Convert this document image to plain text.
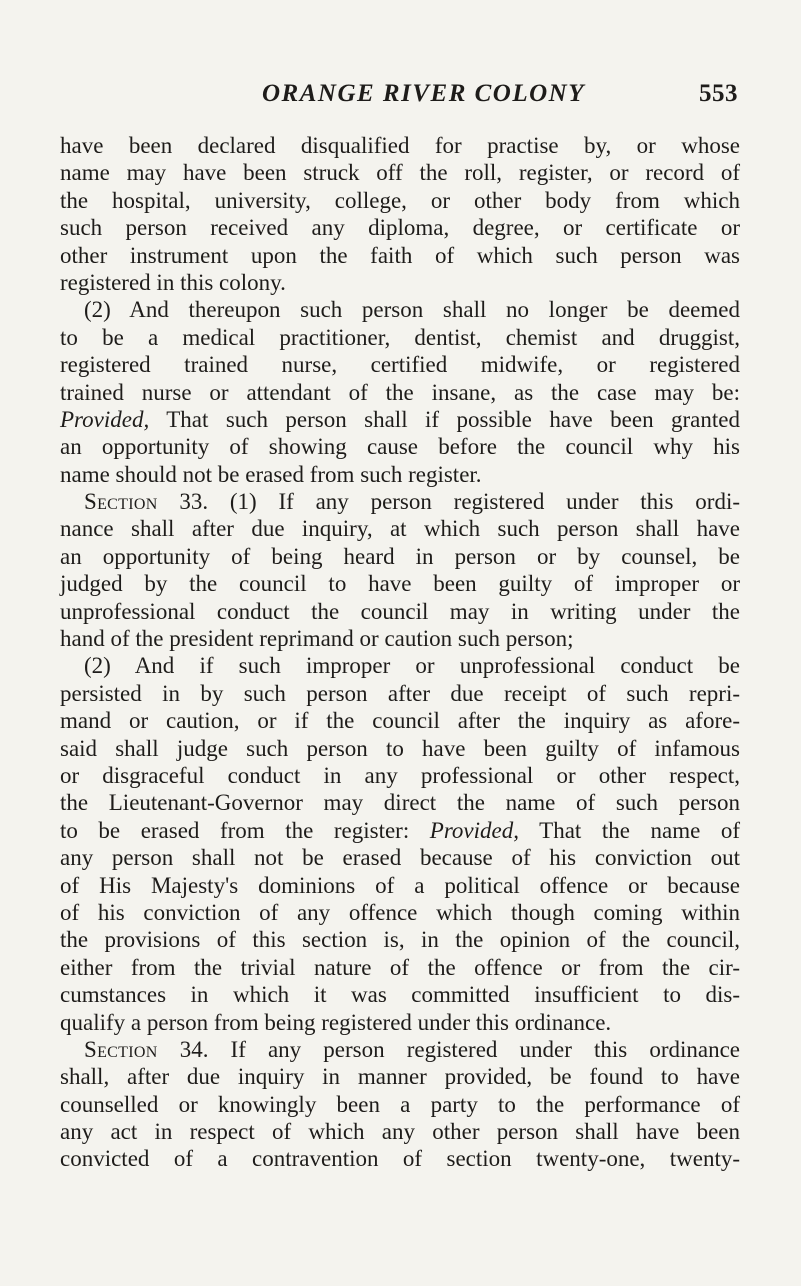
ORANGE RIVER COLONY	553
have been declared disqualified for practise by, or whose
name may have been struck off the roll, register, or record of
the hospital, university, college, or other body from which
such person received any diploma, degree, or certificate or
other instrument upon the faith of which such person was
registered in this colony.
(2) And thereupon such person shall no longer be deemed
to be a medical practitioner, dentist, chemist and druggist,
registered trained nurse, certified midwife, or registered
trained nurse or attendant of the insane, as the case may be:
Provided, That such person shall if possible have been granted
an opportunity of showing cause before the council why his
name should not be erased from such register.
Section 33. (1) If any person registered under this ordi-
nance shall after due inquiry, at which such person shall have
an opportunity of being heard in person or by counsel, be
judged by the council to have been guilty of improper or
unprofessional conduct the council may in writing under the
hand of the president reprimand or caution such person;
(2) And if such improper or unprofessional conduct be
persisted in by such person after due receipt of such repri-
mand or caution, or if the council after the inquiry as afore-
said shall judge such person to have been guilty of infamous
or disgraceful conduct in any professional or other respect,
the Lieutenant-Governor may direct the name of such person
to be erased from the register: Provided, That the name of
any person shall not be erased because of his conviction out
of His Majesty's dominions of a political offence or because
of his conviction of any offence which though coming within
the provisions of this section is, in the opinion of the council,
either from the trivial nature of the offence or from the cir-
cumstances in which it was committed insufficient to dis-
qualify a person from being registered under this ordinance.
Section 34. If any person registered under this ordinance
shall, after due inquiry in manner provided, be found to have
counselled or knowingly been a party to the performance of
any act in respect of which any other person shall have been
convicted of a contravention of section twenty-one, twenty-
